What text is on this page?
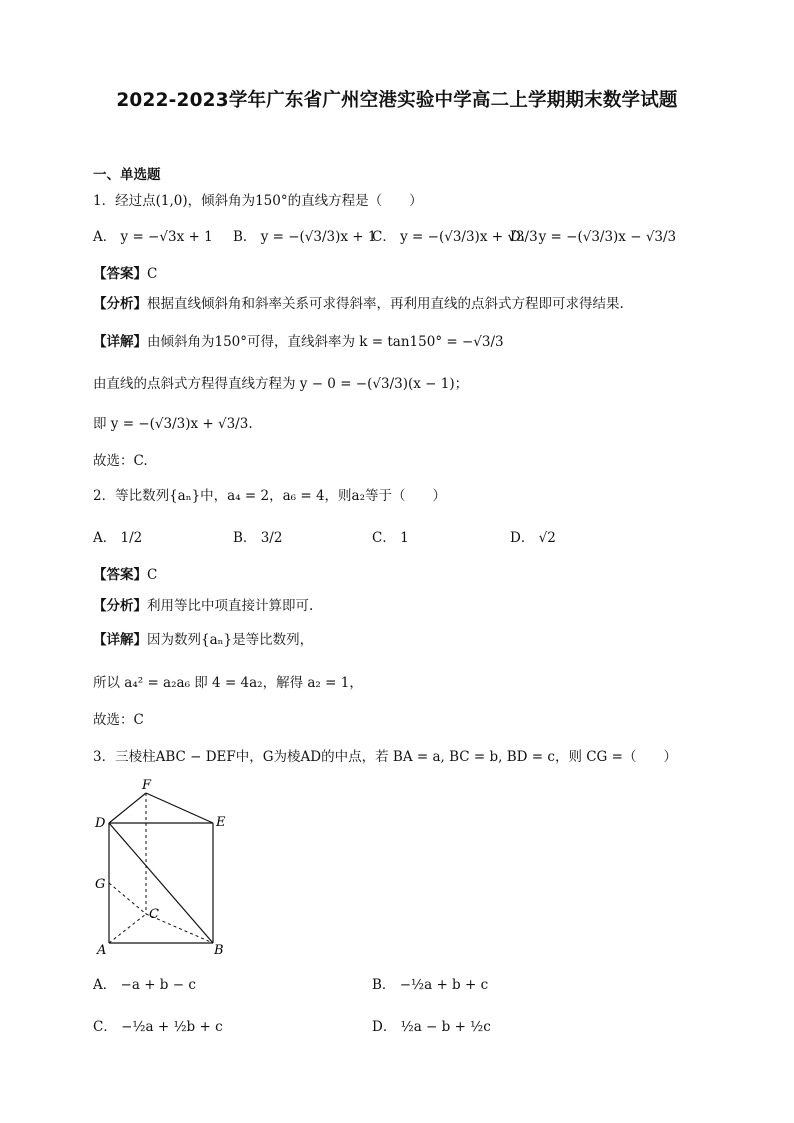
2022-2023学年广东省广州空港实验中学高二上学期期末数学试题
一、单选题
1．经过点(1,0)，倾斜角为150°的直线方程是（　　）
A． y = −√3x + 1 B． y = −(√3/3)x + 1
C． y = −(√3/3)x + √3/3
D． y = −(√3/3)x − √3/3
【答案】C
【分析】根据直线倾斜角和斜率关系可求得斜率，再利用直线的点斜式方程即可求得结果.
【详解】由倾斜角为150°可得，直线斜率为 k = tan150° = −√3/3
由直线的点斜式方程得直线方程为 y − 0 = −(√3/3)(x − 1)；
即 y = −(√3/3)x + √3/3.
故选：C.
2．等比数列{aₙ}中，a₄ = 2，a₆ = 4，则a₂等于（　　）
A． 1/2	B． 3/2	C． 1	D． √2
【答案】C
【分析】利用等比中项直接计算即可.
【详解】因为数列{aₙ}是等比数列，
所以 a₄² = a₂a₆ 即 4 = 4a₂，解得 a₂ = 1，
故选：C
3．三棱柱ABC − DEF中，G为棱AD的中点，若 BA = a, BC = b, BD = c，则 CG =（　　）
F
D	E
G
C
A	B
A． −a + b − c	B． −½a + b + c
C． −½a + ½b + c	D． ½a − b + ½c
